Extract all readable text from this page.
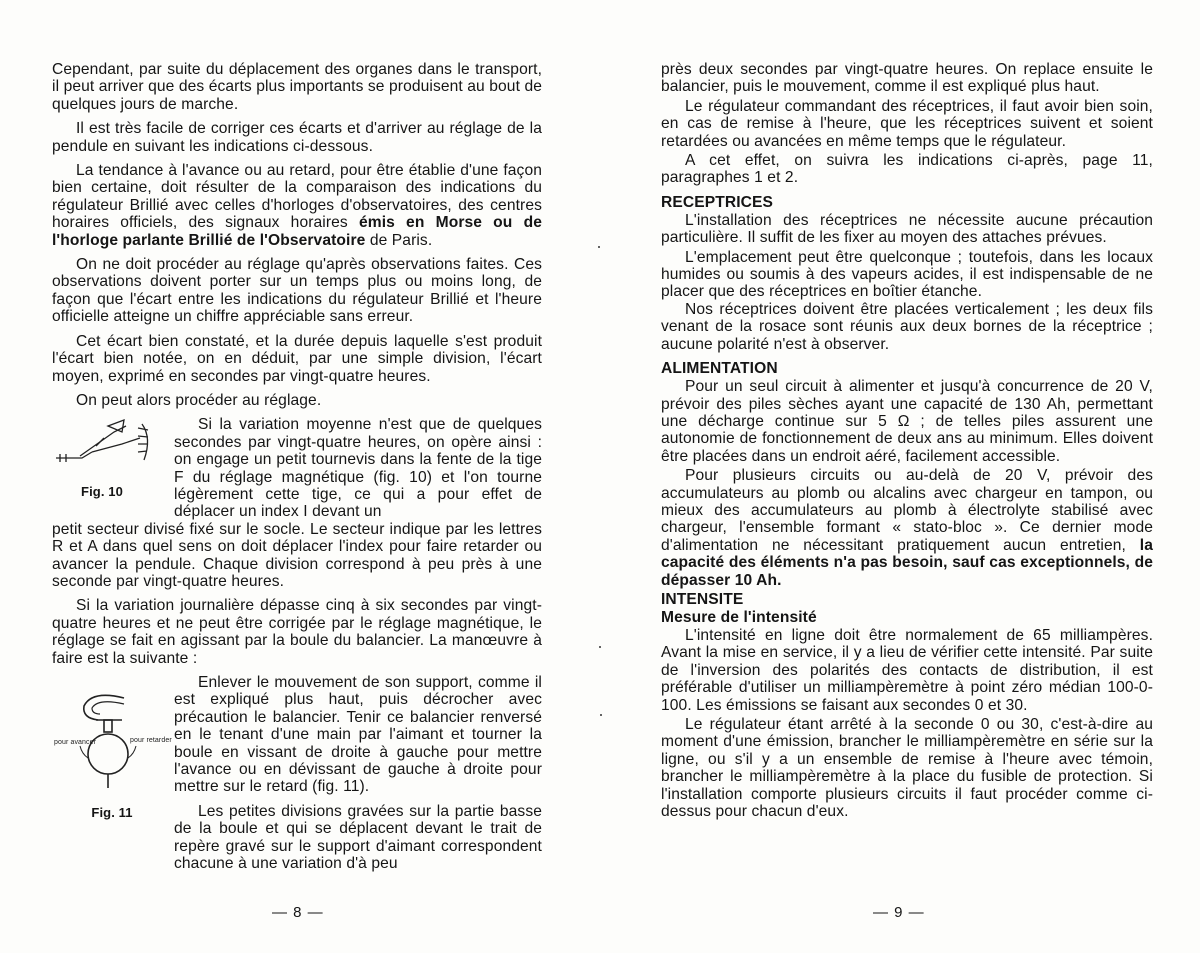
Cependant, par suite du déplacement des organes dans le transport, il peut arriver que des écarts plus importants se produisent au bout de quelques jours de marche.

Il est très facile de corriger ces écarts et d'arriver au réglage de la pendule en suivant les indications ci-dessous.

La tendance à l'avance ou au retard, pour être établie d'une façon bien certaine, doit résulter de la comparaison des indications du régulateur Brillié avec celles d'horloges d'observatoires, des centres horaires officiels, des signaux horaires émis en Morse ou de l'horloge parlante Brillié de l'Observatoire de Paris.

On ne doit procéder au réglage qu'après observations faites. Ces observations doivent porter sur un temps plus ou moins long, de façon que l'écart entre les indications du régulateur Brillié et l'heure officielle atteigne un chiffre appréciable sans erreur.

Cet écart bien constaté, et la durée depuis laquelle s'est produit l'écart bien notée, on en déduit, par une simple division, l'écart moyen, exprimé en secondes par vingt-quatre heures.

On peut alors procéder au réglage.

Fig. 10
Si la variation moyenne n'est que de quelques secondes par vingt-quatre heures, on opère ainsi : on engage un petit tournevis dans la fente de la tige F du réglage magnétique (fig. 10) et l'on tourne légèrement cette tige, ce qui a pour effet de déplacer un index I devant un

petit secteur divisé fixé sur le socle. Le secteur indique par les lettres R et A dans quel sens on doit déplacer l'index pour faire retarder ou avancer la pendule. Chaque division correspond à peu près à une seconde par vingt-quatre heures.

Si la variation journalière dépasse cinq à six secondes par vingt-quatre heures et ne peut être corrigée par le réglage magnétique, le réglage se fait en agissant par la boule du balancier. La manœuvre à faire est la suivante :

pour avancer	pour retarder

Enlever le mouvement de son support, comme il est expliqué plus haut, puis décrocher avec précaution le balancier. Tenir ce balancier renversé en le tenant d'une main par l'aimant et tourner la boule en vissant de droite à gauche pour mettre l'avance ou en dévissant de gauche à droite pour mettre sur le retard (fig. 11).

Les petites divisions gravées sur la partie basse de la boule et qui se déplacent devant le trait de repère gravé sur le support d'aimant correspondent chacune à une variation d'à peu

Fig. 11
— 8 —

près deux secondes par vingt-quatre heures. On replace ensuite le balancier, puis le mouvement, comme il est expliqué plus haut.

Le régulateur commandant des réceptrices, il faut avoir bien soin, en cas de remise à l'heure, que les réceptrices suivent et soient retardées ou avancées en même temps que le régulateur.

A cet effet, on suivra les indications ci-après, page 11, paragraphes 1 et 2.

RECEPTRICES

L'installation des réceptrices ne nécessite aucune précaution particulière. Il suffit de les fixer au moyen des attaches prévues.

L'emplacement peut être quelconque ; toutefois, dans les locaux humides ou soumis à des vapeurs acides, il est indispensable de ne placer que des réceptrices en boîtier étanche.

Nos réceptrices doivent être placées verticalement ; les deux fils venant de la rosace sont réunis aux deux bornes de la réceptrice ; aucune polarité n'est à observer.

ALIMENTATION

Pour un seul circuit à alimenter et jusqu'à concurrence de 20 V, prévoir des piles sèches ayant une capacité de 130 Ah, permettant une décharge continue sur 5 Ω ; de telles piles assurent une autonomie de fonctionnement de deux ans au minimum. Elles doivent être placées dans un endroit aéré, facilement accessible.

Pour plusieurs circuits ou au-delà de 20 V, prévoir des accumulateurs au plomb ou alcalins avec chargeur en tampon, ou mieux des accumulateurs au plomb à électrolyte stabilisé avec chargeur, l'ensemble formant « stato-bloc ». Ce dernier mode d'alimentation ne nécessitant pratiquement aucun entretien, la capacité des éléments n'a pas besoin, sauf cas exceptionnels, de dépasser 10 Ah.

INTENSITE
Mesure de l'intensité

L'intensité en ligne doit être normalement de 65 milliampères. Avant la mise en service, il y a lieu de vérifier cette intensité. Par suite de l'inversion des polarités des contacts de distribution, il est préférable d'utiliser un milliampèremètre à point zéro médian 100-0-100. Les émissions se faisant aux secondes 0 et 30.

Le régulateur étant arrêté à la seconde 0 ou 30, c'est-à-dire au moment d'une émission, brancher le milliampèremètre en série sur la ligne, ou s'il y a un ensemble de remise à l'heure avec témoin, brancher le milliampèremètre à la place du fusible de protection. Si l'installation comporte plusieurs circuits il faut procéder comme ci-dessus pour chacun d'eux.

— 9 —
